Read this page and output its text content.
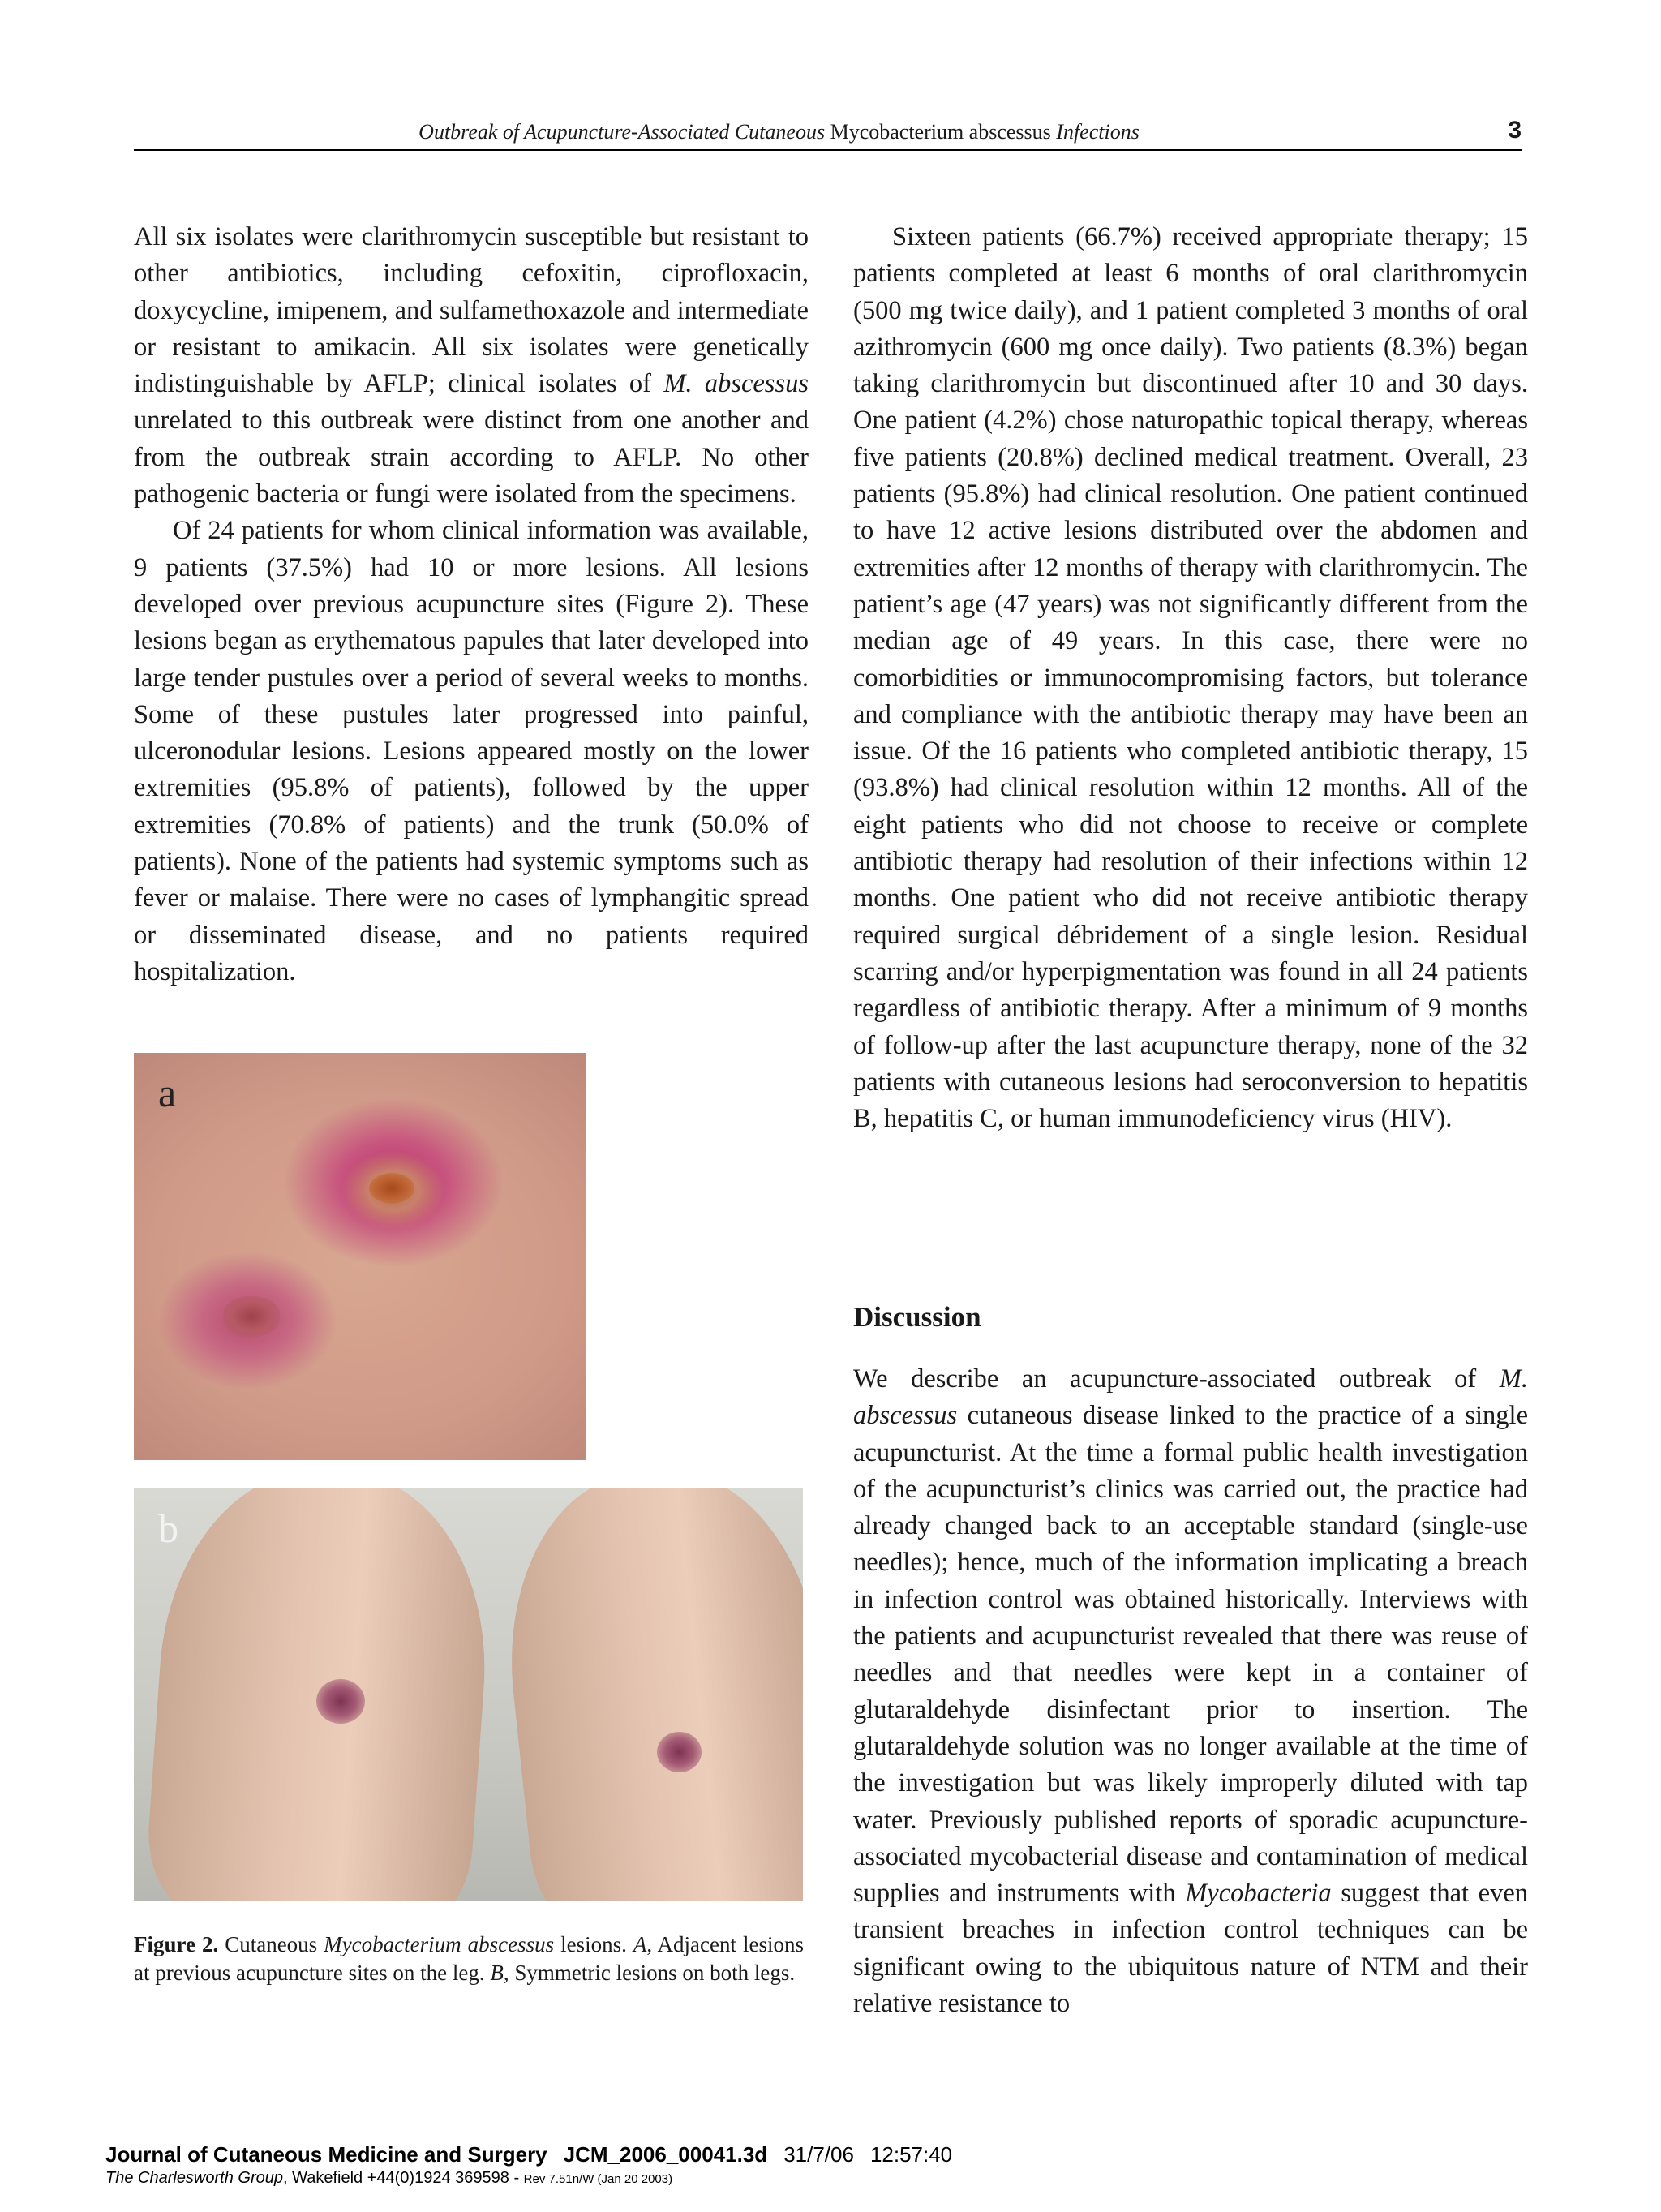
Outbreak of Acupuncture-Associated Cutaneous Mycobacterium abscessus Infections	3

All six isolates were clarithromycin susceptible but resistant to other antibiotics, including cefoxitin, ciprofloxacin, doxycycline, imipenem, and sulfamethoxazole and intermediate or resistant to amikacin. All six isolates were genetically indistinguishable by AFLP; clinical isolates of M. abscessus unrelated to this outbreak were distinct from one another and from the outbreak strain according to AFLP. No other pathogenic bacteria or fungi were isolated from the specimens.

Of 24 patients for whom clinical information was available, 9 patients (37.5%) had 10 or more lesions. All lesions developed over previous acupuncture sites (Figure 2). These lesions began as erythematous papules that later developed into large tender pustules over a period of several weeks to months. Some of these pustules later progressed into painful, ulceronodular lesions. Lesions appeared mostly on the lower extremities (95.8% of patients), followed by the upper extremities (70.8% of patients) and the trunk (50.0% of patients). None of the patients had systemic symptoms such as fever or malaise. There were no cases of lymphangitic spread or disseminated disease, and no patients required hospitalization.

a
b
Figure 2. Cutaneous Mycobacterium abscessus lesions. A, Adjacent lesions at previous acupuncture sites on the leg. B, Symmetric lesions on both legs.

Sixteen patients (66.7%) received appropriate therapy; 15 patients completed at least 6 months of oral clarithromycin (500 mg twice daily), and 1 patient completed 3 months of oral azithromycin (600 mg once daily). Two patients (8.3%) began taking clarithromycin but discontinued after 10 and 30 days. One patient (4.2%) chose naturopathic topical therapy, whereas five patients (20.8%) declined medical treatment. Overall, 23 patients (95.8%) had clinical resolution. One patient continued to have 12 active lesions distributed over the abdomen and extremities after 12 months of therapy with clarithromycin. The patient’s age (47 years) was not significantly different from the median age of 49 years. In this case, there were no comorbidities or immunocompromising factors, but tolerance and compliance with the antibiotic therapy may have been an issue. Of the 16 patients who completed antibiotic therapy, 15 (93.8%) had clinical resolution within 12 months. All of the eight patients who did not choose to receive or complete antibiotic therapy had resolution of their infections within 12 months. One patient who did not receive antibiotic therapy required surgical débridement of a single lesion. Residual scarring and/or hyperpigmentation was found in all 24 patients regardless of antibiotic therapy. After a minimum of 9 months of follow-up after the last acupuncture therapy, none of the 32 patients with cutaneous lesions had seroconversion to hepatitis B, hepatitis C, or human immunodeficiency virus (HIV).

Discussion

We describe an acupuncture-associated outbreak of M. abscessus cutaneous disease linked to the practice of a single acupuncturist. At the time a formal public health investigation of the acupuncturist’s clinics was carried out, the practice had already changed back to an acceptable standard (single-use needles); hence, much of the information implicating a breach in infection control was obtained historically. Interviews with the patients and acupuncturist revealed that there was reuse of needles and that needles were kept in a container of glutaraldehyde disinfectant prior to insertion. The glutaraldehyde solution was no longer available at the time of the investigation but was likely improperly diluted with tap water. Previously published reports of sporadic acupuncture-associated mycobacterial disease and contamination of medical supplies and instruments with Mycobacteria suggest that even transient breaches in infection control techniques can be significant owing to the ubiquitous nature of NTM and their relative resistance to

Journal of Cutaneous Medicine and Surgery JCM_2006_00041.3d 31/7/06 12:57:40
The Charlesworth Group, Wakefield +44(0)1924 369598 - Rev 7.51n/W (Jan 20 2003)
